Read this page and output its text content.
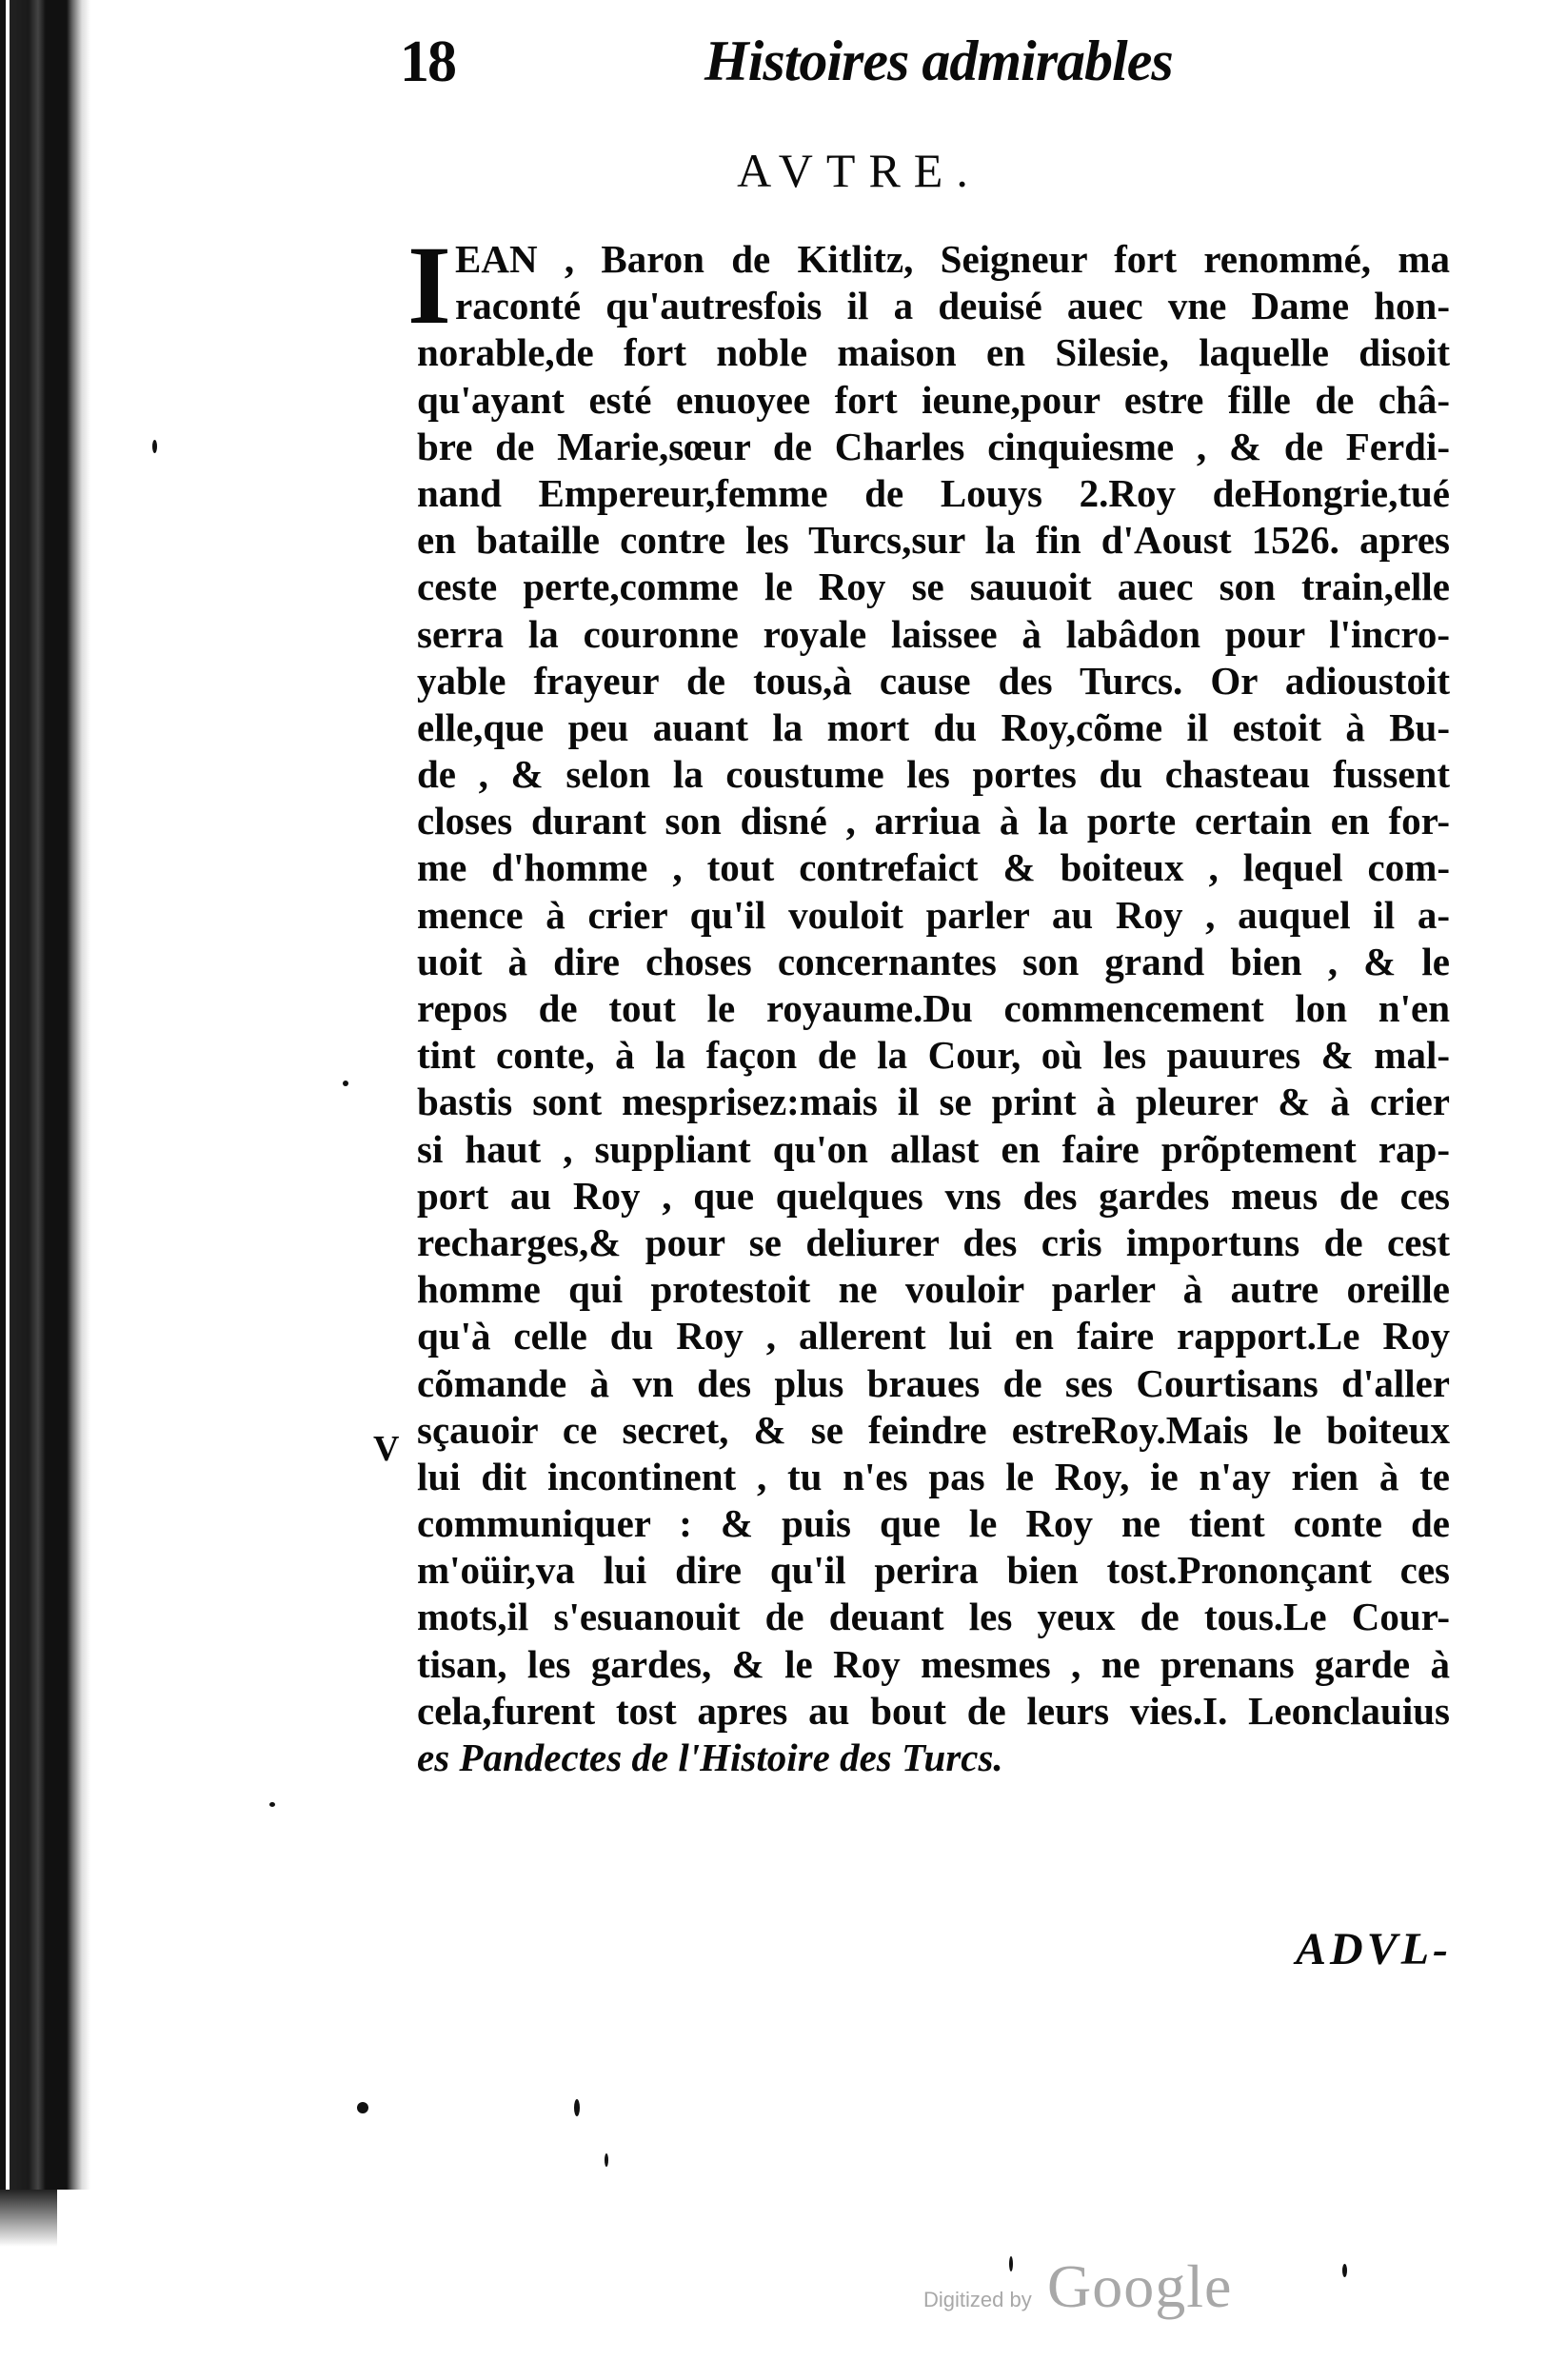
18	Histoires admirables
AVTRE.
I EAN , Baron de Kitlitz, Seigneur fort renommé, ma
raconté qu'autresfois il a deuisé auec vne Dame hon-
norable,de fort noble maison en Silesie, laquelle disoit
qu'ayant esté enuoyee fort ieune,pour estre fille de châ-
bre de Marie,sœur de Charles cinquiesme , & de Ferdi-
nand Empereur,femme de Louys 2.Roy deHongrie,tué
en bataille contre les Turcs,sur la fin d'Aoust 1526. apres
ceste perte,comme le Roy se sauuoit auec son train,elle
serra la couronne royale laissee à labâdon pour l'incro-
yable frayeur de tous,à cause des Turcs. Or adioustoit
elle,que peu auant la mort du Roy,cõme il estoit à Bu-
de , & selon la coustume les portes du chasteau fussent
closes durant son disné , arriua à la porte certain en for-
me d'homme , tout contrefaict & boiteux , lequel com-
mence à crier qu'il vouloit parler au Roy , auquel il a-
uoit à dire choses concernantes son grand bien , & le
repos de tout le royaume.Du commencement lon n'en
tint conte, à la façon de la Cour, où les pauures & mal-
bastis sont mesprisez:mais il se print à pleurer & à crier
si haut , suppliant qu'on allast en faire prõptement rap-
port au Roy , que quelques vns des gardes meus de ces
recharges,& pour se deliurer des cris importuns de cest
homme qui protestoit ne vouloir parler à autre oreille
qu'à celle du Roy , allerent lui en faire rapport.Le Roy
cõmande à vn des plus braues de ses Courtisans d'aller
sçauoir ce secret, & se feindre estreRoy.Mais le boiteux
lui dit incontinent , tu n'es pas le Roy, ie n'ay rien à te
communiquer : & puis que le Roy ne tient conte de
m'oüir,va lui dire qu'il perira bien tost.Prononçant ces
mots,il s'esuanouit de deuant les yeux de tous.Le Cour-
tisan, les gardes, & le Roy mesmes , ne prenans garde à
cela,furent tost apres au bout de leurs vies.I. Leonclauius
es Pandectes de l'Histoire des Turcs.
V
ADVL-
Digitized by Google
